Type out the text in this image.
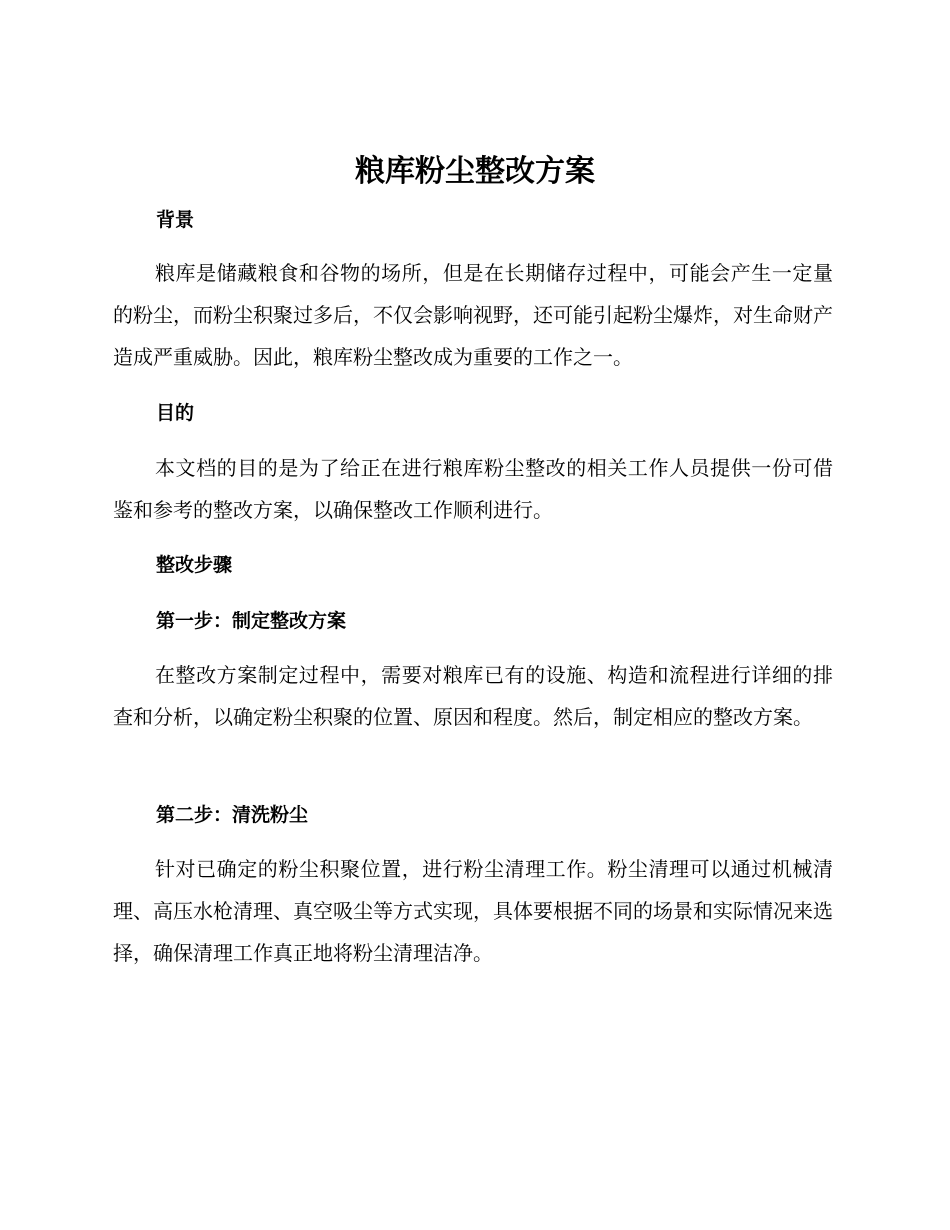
粮库粉尘整改方案
背景

粮库是储藏粮食和谷物的场所，但是在长期储存过程中，可能会产生一定量的粉尘，而粉尘积聚过多后，不仅会影响视野，还可能引起粉尘爆炸，对生命财产造成严重威胁。因此，粮库粉尘整改成为重要的工作之一。

目的

本文档的目的是为了给正在进行粮库粉尘整改的相关工作人员提供一份可借鉴和参考的整改方案，以确保整改工作顺利进行。

整改步骤
第一步：制定整改方案

在整改方案制定过程中，需要对粮库已有的设施、构造和流程进行详细的排查和分析，以确定粉尘积聚的位置、原因和程度。然后，制定相应的整改方案。

第二步：清洗粉尘

针对已确定的粉尘积聚位置，进行粉尘清理工作。粉尘清理可以通过机械清理、高压水枪清理、真空吸尘等方式实现，具体要根据不同的场景和实际情况来选择，确保清理工作真正地将粉尘清理洁净。
